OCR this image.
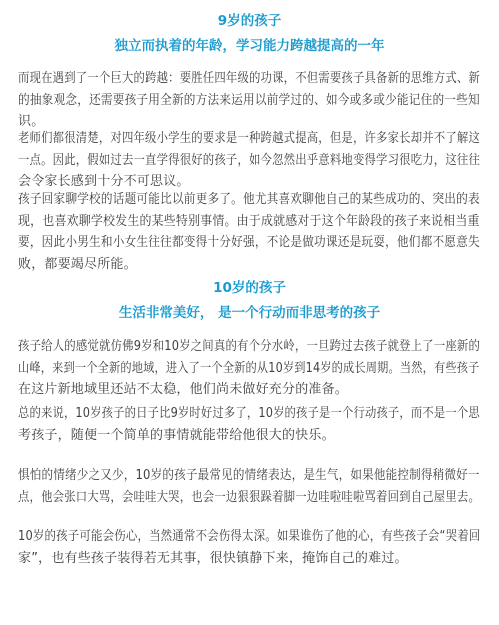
9岁的孩子
独立而执着的年龄，学习能力跨越提高的一年
而现在遇到了一个巨大的跨越：要胜任四年级的功课，不但需要孩子具备新的思维方式、新
的抽象观念，还需要孩子用全新的方法来运用以前学过的、如今或多或少能记住的一些知
识。
老师们都很清楚，对四年级小学生的要求是一种跨越式提高，但是，许多家长却并不了解这
一点。因此，假如过去一直学得很好的孩子，如今忽然出乎意料地变得学习很吃力，这往往
会令家长感到十分不可思议。
孩子回家聊学校的话题可能比以前更多了。他尤其喜欢聊他自己的某些成功的、突出的表
现，也喜欢聊学校发生的某些特别事情。由于成就感对于这个年龄段的孩子来说相当重
要，因此小男生和小女生往往都变得十分好强，不论是做功课还是玩耍，他们都不愿意失
败，都要竭尽所能。
10岁的孩子
生活非常美好， 是一个行动而非思考的孩子
孩子给人的感觉就仿佛9岁和10岁之间真的有个分水岭，一旦跨过去孩子就登上了一座新的
山峰，来到一个全新的地域，进入了一个全新的从10岁到14岁的成长周期。当然，有些孩子
在这片新地域里还站不太稳，他们尚未做好充分的准备。
总的来说，10岁孩子的日子比9岁时好过多了，10岁的孩子是一个行动孩子，而不是一个思
考孩子，随便一个简单的事情就能带给他很大的快乐。
惧怕的情绪少之又少，10岁的孩子最常见的情绪表达，是生气，如果他能控制得稍微好一
点，他会张口大骂，会哇哇大哭，也会一边狠狠跺着脚一边哇啦哇啦骂着回到自己屋里去。
10岁的孩子可能会伤心，当然通常不会伤得太深。如果谁伤了他的心，有些孩子会“哭着回
家”，也有些孩子装得若无其事，很快镇静下来，掩饰自己的难过。
